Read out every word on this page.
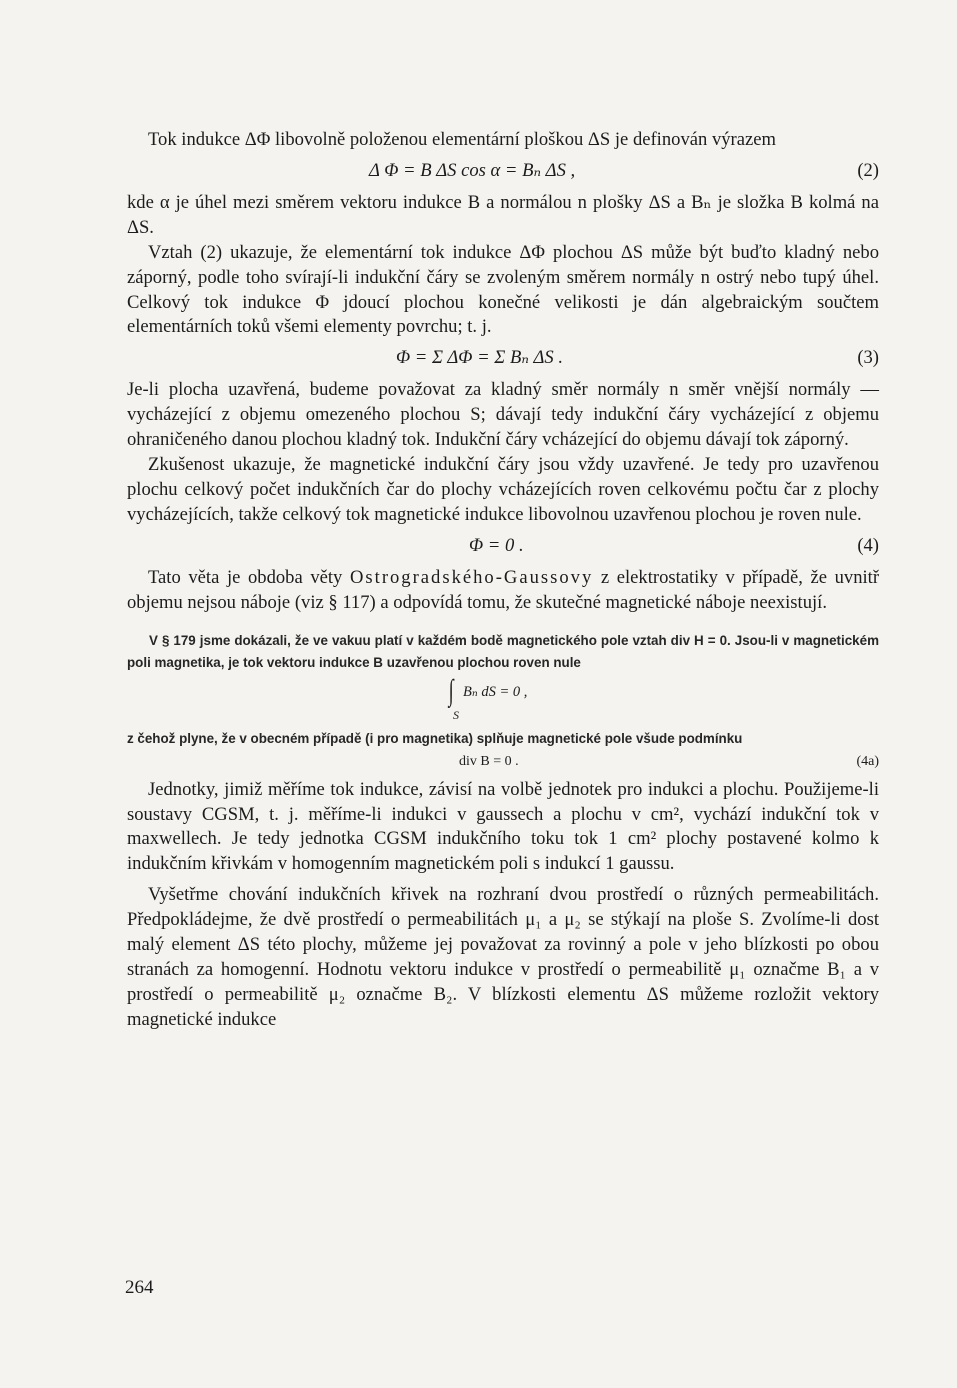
Tok indukce ΔΦ libovolně položenou elementární ploškou ΔS je definován výrazem

Δ Φ = B ΔS cos α = Bₙ ΔS ,	(2)

kde α je úhel mezi směrem vektoru indukce B a normálou n plošky ΔS a Bₙ je složka B kolmá na ΔS.

Vztah (2) ukazuje, že elementární tok indukce ΔΦ plochou ΔS může být buďto kladný nebo záporný, podle toho svírají-li indukční čáry se zvoleným směrem normály n ostrý nebo tupý úhel. Celkový tok indukce Φ jdoucí plochou konečné velikosti je dán algebraickým součtem elementárních toků všemi elementy povrchu; t. j.

Φ = Σ ΔΦ = Σ Bₙ ΔS .	(3)

Je-li plocha uzavřená, budeme považovat za kladný směr normály n směr vnější normály — vycházející z objemu omezeného plochou S; dávají tedy indukční čáry vycházející z objemu ohraničeného danou plochou kladný tok. Indukční čáry vcházející do objemu dávají tok záporný.

Zkušenost ukazuje, že magnetické indukční čáry jsou vždy uzavřené. Je tedy pro uzavřenou plochu celkový počet indukčních čar do plochy vcházejících roven celkovému počtu čar z plochy vycházejících, takže celkový tok magnetické indukce libovolnou uzavřenou plochou je roven nule.

Φ = 0 .	(4)

Tato věta je obdoba věty Ostrogradského-Gaussovy z elektrostatiky v případě, že uvnitř objemu nejsou náboje (viz § 117) a odpovídá tomu, že skutečné magnetické náboje neexistují.

V § 179 jsme dokázali, že ve vakuu platí v každém bodě magnetického pole vztah div H = 0. Jsou-li v magnetickém poli magnetika, je tok vektoru indukce B uzavřenou plochou roven nule

∫ Bₙ dS = 0 ,
S

z čehož plyne, že v obecném případě (i pro magnetika) splňuje magnetické pole všude podmínku

div B = 0 .	(4a)

Jednotky, jimiž měříme tok indukce, závisí na volbě jednotek pro indukci a plochu. Použijeme-li soustavy CGSM, t. j. měříme-li indukci v gaussech a plochu v cm², vychází indukční tok v maxwellech. Je tedy jednotka CGSM indukčního toku tok 1 cm² plochy postavené kolmo k indukčním křivkám v homogenním magnetickém poli s indukcí 1 gaussu.

Vyšetřme chování indukčních křivek na rozhraní dvou prostředí o různých permeabilitách. Předpokládejme, že dvě prostředí o permeabilitách μ₁ a μ₂ se stýkají na ploše S. Zvolíme-li dost malý element ΔS této plochy, můžeme jej považovat za rovinný a pole v jeho blízkosti po obou stranách za homogenní. Hodnotu vektoru indukce v prostředí o permeabilitě μ₁ označme B₁ a v prostředí o permeabilitě μ₂ označme B₂. V blízkosti elementu ΔS můžeme rozložit vektory magnetické indukce

264
